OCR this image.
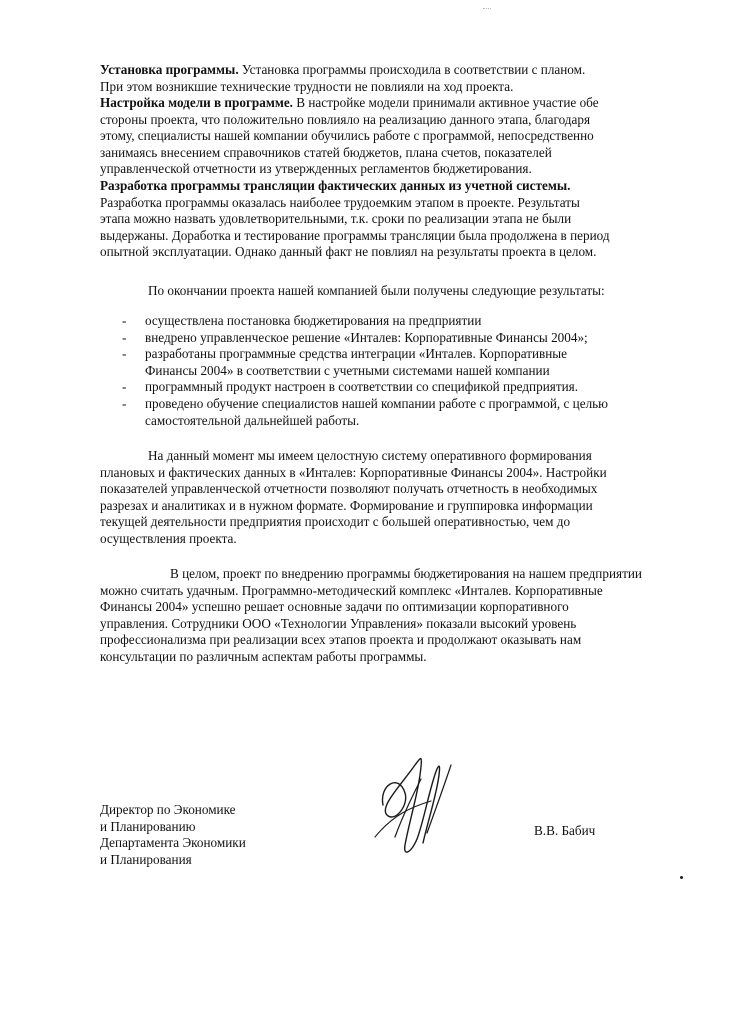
Установка программы. Установка программы происходила в соответствии с планом.
При этом возникшие технические трудности не повлияли на ход проекта.
Настройка модели в программе. В настройке модели принимали активное участие обе
стороны проекта, что положительно повлияло на реализацию данного этапа, благодаря
этому, специалисты нашей компании обучились работе с программой, непосредственно
занимаясь внесением справочников статей бюджетов, плана счетов, показателей
управленческой отчетности из утвержденных регламентов бюджетирования.
Разработка программы трансляции фактических данных из учетной системы.
Разработка программы оказалась наиболее трудоемким этапом в проекте. Результаты
этапа можно назвать удовлетворительными, т.к. сроки по реализации этапа не были
выдержаны. Доработка и тестирование программы трансляции была продолжена в период
опытной эксплуатации. Однако данный факт не повлиял на результаты проекта в целом.
По окончании проекта нашей компанией были получены следующие результаты:
- осуществлена постановка бюджетирования на предприятии
- внедрено управленческое решение «Инталев: Корпоративные Финансы 2004»;
- разработаны программные средства интеграции «Инталев. Корпоративные
Финансы 2004» в соответствии с учетными системами нашей компании
- программный продукт настроен в соответствии со спецификой предприятия.
- проведено обучение специалистов нашей компании работе с программой, с целью
самостоятельной дальнейшей работы.
На данный момент мы имеем целостную систему оперативного формирования
плановых и фактических данных в «Инталев: Корпоративные Финансы 2004». Настройки
показателей управленческой отчетности позволяют получать отчетность в необходимых
разрезах и аналитиках и в нужном формате. Формирование и группировка информации
текущей деятельности предприятия происходит с большей оперативностью, чем до
осуществления проекта.
В целом, проект по внедрению программы бюджетирования на нашем предприятии
можно считать удачным. Программно-методический комплекс «Инталев. Корпоративные
Финансы 2004» успешно решает основные задачи по оптимизации корпоративного
управления. Сотрудники ООО «Технологии Управления» показали высокий уровень
профессионализма при реализации всех этапов проекта и продолжают оказывать нам
консультации по различным аспектам работы программы.
Директор по Экономике
и Планированию
Департамента Экономики
и Планирования
В.В. Бабич
